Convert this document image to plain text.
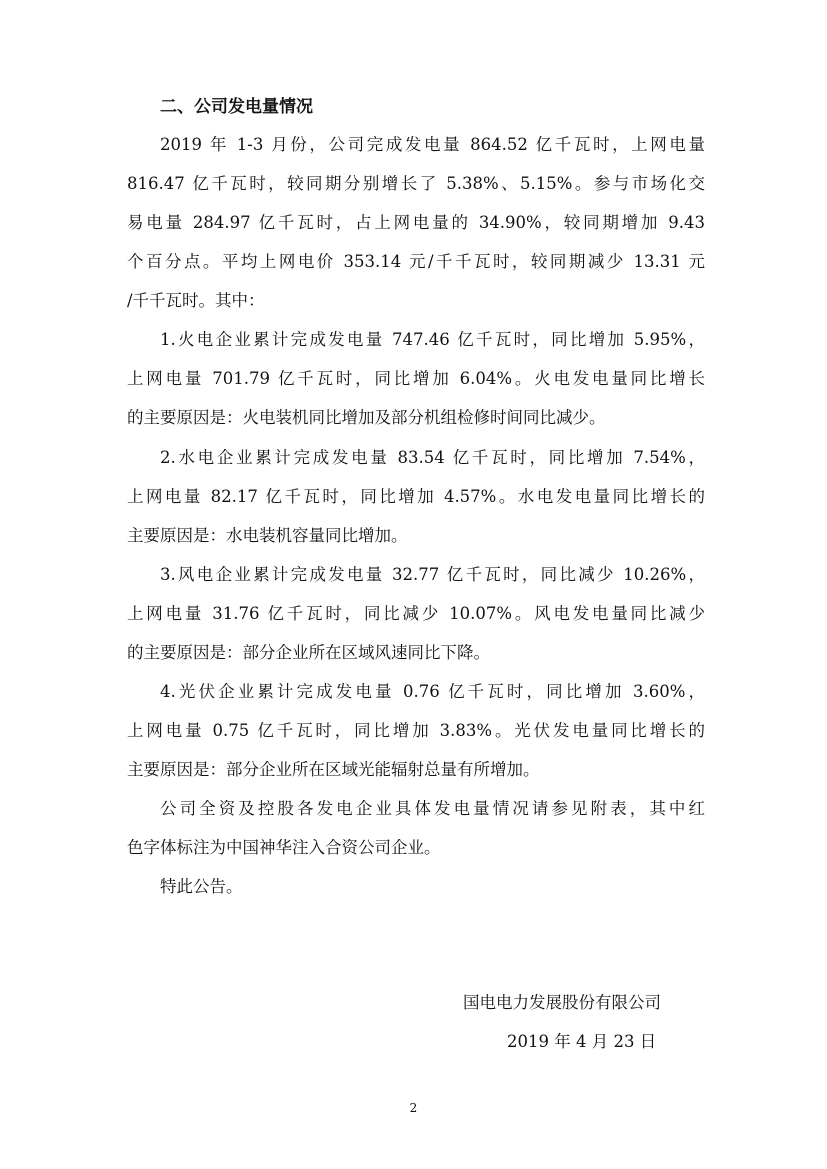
二、公司发电量情况
2019 年 1-3 月份，公司完成发电量 864.52 亿千瓦时，上网电量
816.47 亿千瓦时，较同期分别增长了 5.38%、5.15%。参与市场化交
易电量 284.97 亿千瓦时，占上网电量的 34.90%，较同期增加 9.43
个百分点。平均上网电价 353.14 元/千千瓦时，较同期减少 13.31 元
/千千瓦时。其中：
1.火电企业累计完成发电量 747.46 亿千瓦时，同比增加 5.95%，
上网电量 701.79 亿千瓦时，同比增加 6.04%。火电发电量同比增长
的主要原因是：火电装机同比增加及部分机组检修时间同比减少。
2.水电企业累计完成发电量 83.54 亿千瓦时，同比增加 7.54%，
上网电量 82.17 亿千瓦时，同比增加 4.57%。水电发电量同比增长的
主要原因是：水电装机容量同比增加。
3.风电企业累计完成发电量 32.77 亿千瓦时，同比减少 10.26%，
上网电量 31.76 亿千瓦时，同比减少 10.07%。风电发电量同比减少
的主要原因是：部分企业所在区域风速同比下降。
4.光伏企业累计完成发电量 0.76 亿千瓦时，同比增加 3.60%，
上网电量 0.75 亿千瓦时，同比增加 3.83%。光伏发电量同比增长的
主要原因是：部分企业所在区域光能辐射总量有所增加。
公司全资及控股各发电企业具体发电量情况请参见附表，其中红
色字体标注为中国神华注入合资公司企业。
特此公告。
国电电力发展股份有限公司
2019 年 4 月 23 日
2
